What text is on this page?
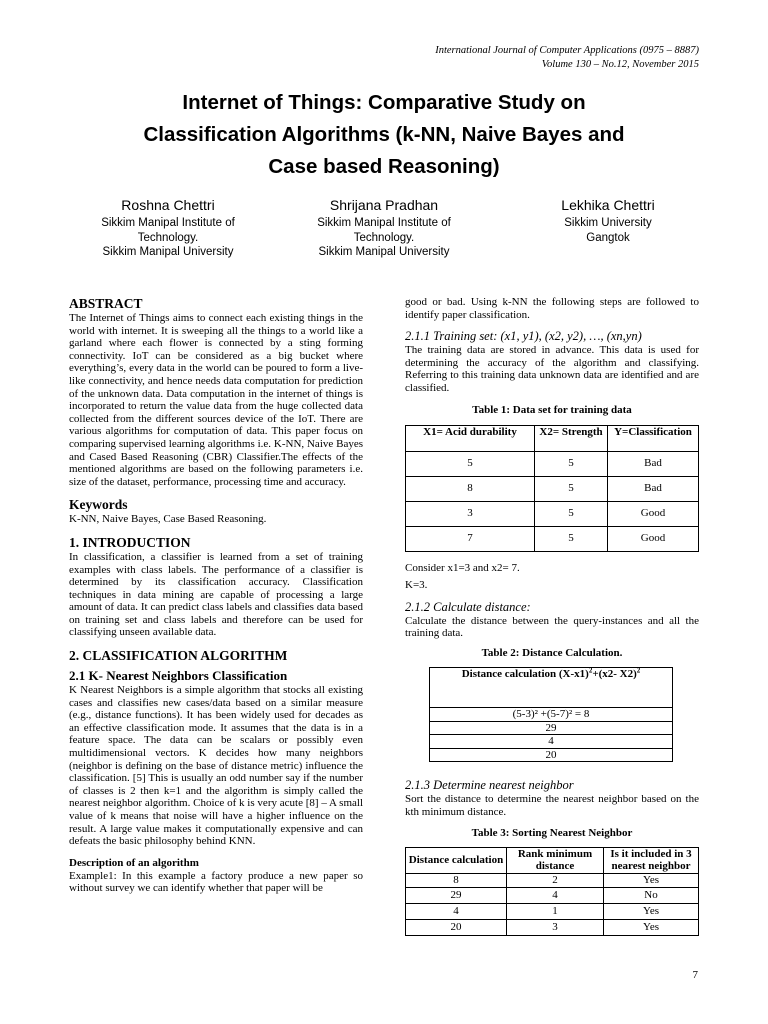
International Journal of Computer Applications (0975 – 8887)
Volume 130 – No.12, November 2015
Internet of Things: Comparative Study on
Classification Algorithms (k-NN, Naive Bayes and
Case based Reasoning)
Roshna Chettri
Sikkim Manipal Institute of
Technology.
Sikkim Manipal University
Shrijana Pradhan
Sikkim Manipal Institute of
Technology.
Sikkim Manipal University
Lekhika Chettri
Sikkim University
Gangtok
ABSTRACT

The Internet of Things aims to connect each existing things in the world with internet. It is sweeping all the things to a world like a garland where each flower is connected by a sting forming connectivity. IoT can be considered as a big bucket where everything’s, every data in the world can be poured to form a live-like connectivity, and hence needs data computation for prediction of the unknown data. Data computation in the internet of things is incorporated to return the value data from the huge collected data collected from the different sources device of the IoT. There are various algorithms for computation of data. This paper focus on comparing supervised learning algorithms i.e. K-NN, Naive Bayes and Cased Based Reasoning (CBR) Classifier.The effects of the mentioned algorithms are based on the following parameters i.e. size of the dataset, performance, processing time and accuracy.

Keywords

K-NN, Naive Bayes, Case Based Reasoning.

1. INTRODUCTION

In classification, a classifier is learned from a set of training examples with class labels. The performance of a classifier is determined by its classification accuracy. Classification techniques in data mining are capable of processing a large amount of data. It can predict class labels and classifies data based on training set and class labels and therefore can be used for classifying unseen available data.

2. CLASSIFICATION ALGORITHM
2.1 K- Nearest Neighbors Classification

K Nearest Neighbors is a simple algorithm that stocks all existing cases and classifies new cases/data based on a similar measure (e.g., distance functions). It has been widely used for decades as an effective classification mode. It assumes that the data is in a feature space. The data can be scalars or possibly even multidimensional vectors. K decides how many neighbors (neighbor is defining on the base of distance metric) influence the classification. [5] This is usually an odd number say if the number of classes is 2 then k=1 and the algorithm is simply called the nearest neighbor algorithm. Choice of k is very acute [8] – A small value of k means that noise will have a higher influence on the result. A large value makes it computationally expensive and can defeats the basic philosophy behind KNN.

Description of an algorithm

Example1: In this example a factory produce a new paper so without survey we can identify whether that paper will be

good or bad. Using k-NN the following steps are followed to identify paper classification.

2.1.1 Training set: (x1, y1), (x2, y2), …, (xn,yn)

The training data are stored in advance. This data is used for determining the accuracy of the algorithm and classifying. Referring to this training data unknown data are identified and are classified.

Table 1: Data set for training data
X1= Acid durability	X2= Strength	Y=Classification
5	5	Bad
8	5	Bad
3	5	Good
7	5	Good

Consider x1=3 and x2= 7.

K=3.

2.1.2 Calculate distance:

Calculate the distance between the query-instances and all the training data.

Table 2: Distance Calculation.
Distance calculation $(X-x1)^2+(x2-$ X2)$^2$
(5-3)² +(5-7)² = 8
29
4
20
2.1.3 Determine nearest neighbor

Sort the distance to determine the nearest neighbor based on the kth minimum distance.

Table 3: Sorting Nearest Neighbor
Distance calculation	Rank minimum distance	Is it included in 3 nearest neighbor
8	2	Yes
29	4	No
4	1	Yes
20	3	Yes
7
